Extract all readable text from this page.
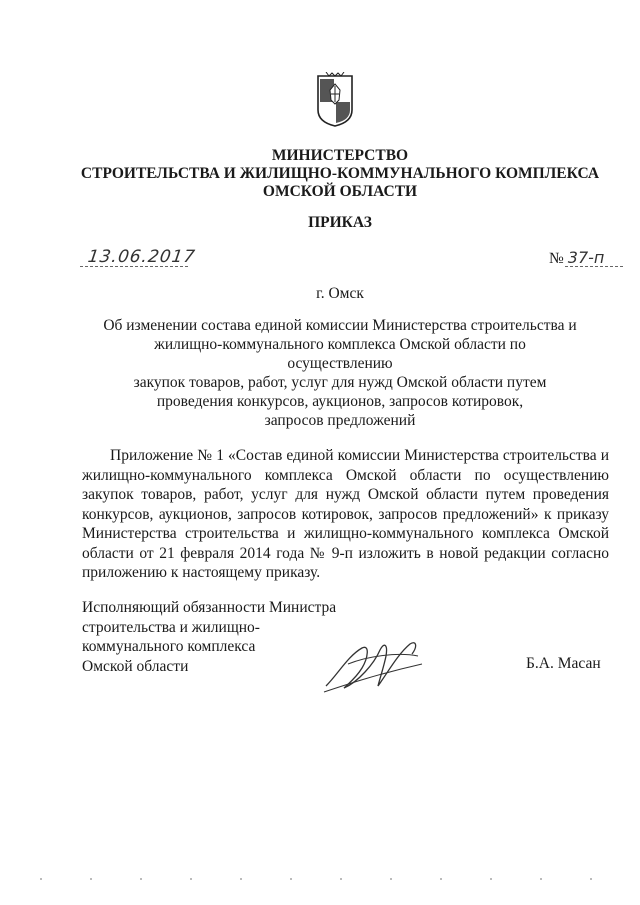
МИНИСТЕРСТВО
СТРОИТЕЛЬСТВА И ЖИЛИЩНО-КОММУНАЛЬНОГО КОМПЛЕКСА
ОМСКОЙ ОБЛАСТИ
ПРИКАЗ
13.06.2017	№ 37-п
г. Омск
Об изменении состава единой комиссии Министерства строительства и
жилищно-коммунального комплекса Омской области по осуществлению
закупок товаров, работ, услуг для нужд Омской области путем
проведения конкурсов, аукционов, запросов котировок,
запросов предложений
Приложение № 1 «Состав единой комиссии Министерства строительства и жилищно-коммунального комплекса Омской области по осуществлению закупок товаров, работ, услуг для нужд Омской области путем проведения конкурсов, аукционов, запросов котировок, запросов предложений» к приказу Министерства строительства и жилищно-коммунального комплекса Омской области от 21 февраля 2014 года № 9-п изложить в новой редакции согласно приложению к настоящему приказу.
Исполняющий обязанности Министра
строительства и жилищно-
коммунального комплекса
Омской области	Б.А. Масан
